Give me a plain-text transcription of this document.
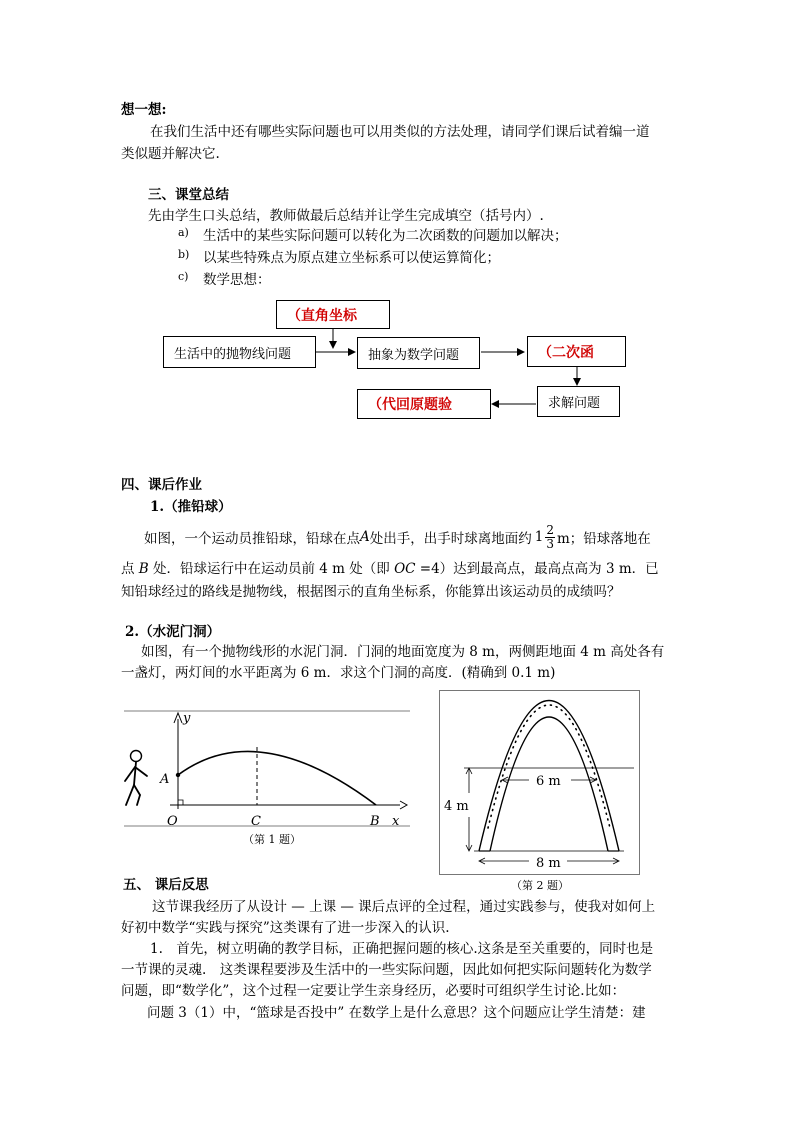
想一想:
在我们生活中还有哪些实际问题也可以用类似的方法处理，请同学们课后试着编一道
类似题并解决它.
三、课堂总结
先由学生口头总结，教师做最后总结并让学生完成填空（括号内）.
a) 生活中的某些实际问题可以转化为二次函数的问题加以解决；
b) 以某些特殊点为原点建立坐标系可以使运算简化；
c) 数学思想：
（直角坐标
生活中的抛物线问题	抽象为数学问题	（二次函
求解问题
（代回原题验
四、课后作业
1.（推铅球）
如图，一个运动员推铅球，铅球在点 A 处出手，出手时球离地面约 $1 \frac{2}{3}$ m；铅球落地在
点 B 处．铅球运行中在运动员前 4 m 处（即 OC =4）达到最高点，最高点高为 3 m．已
知铅球经过的路线是抛物线，根据图示的直角坐标系，你能算出该运动员的成绩吗？
2.（水泥门洞）
如图，有一个抛物线形的水泥门洞．门洞的地面宽度为 8 m，两侧距地面 4 m 高处各有
一盏灯，两灯间的水平距离为 6 m．求这个门洞的高度．(精确到 0.1 m)
y
x
O
A
C	B
（第 1 题）
6 m
4 m
8 m
（第 2 题）
五、 课后反思
这节课我经历了从设计 — 上课 — 课后点评的全过程，通过实践参与，使我对如何上
好初中数学“实践与探究”这类课有了进一步深入的认识.
1.　首先，树立明确的教学目标，正确把握问题的核心.这条是至关重要的，同时也是
一节课的灵魂.　这类课程要涉及生活中的一些实际问题，因此如何把实际问题转化为数学
问题，即“数学化”，这个过程一定要让学生亲身经历，必要时可组织学生讨论.比如：
问题 3（1）中，“篮球是否投中” 在数学上是什么意思？这个问题应让学生清楚：建
